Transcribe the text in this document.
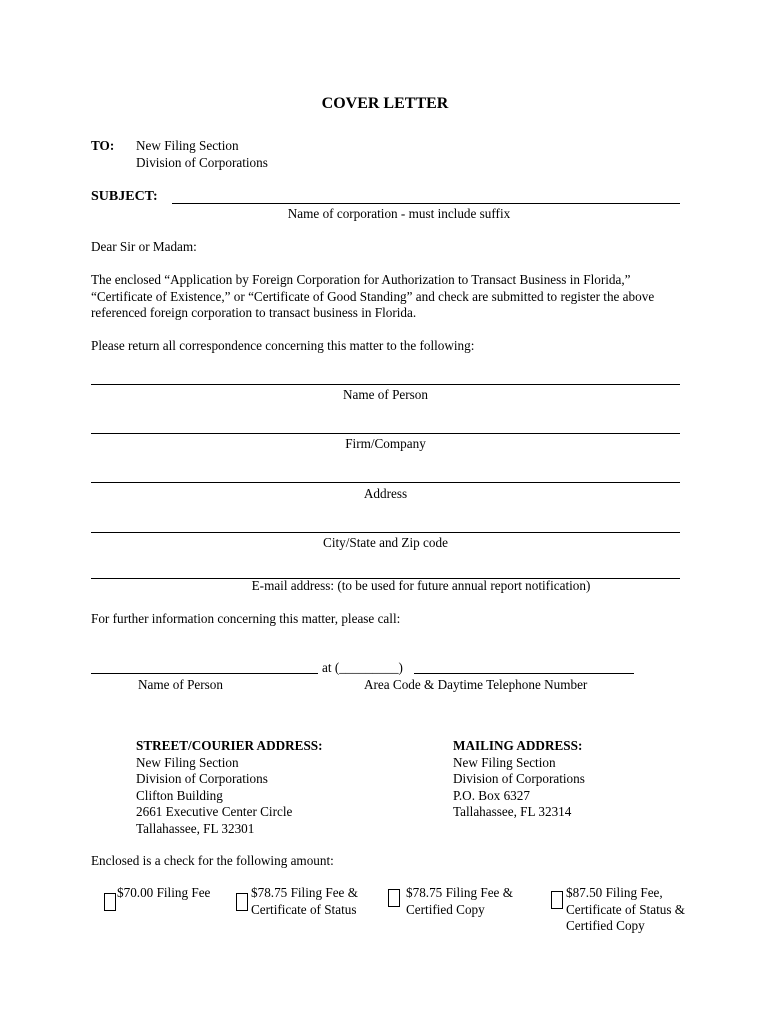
COVER LETTER
TO: New Filing Section
Division of Corporations
SUBJECT:
Name of corporation - must include suffix
Dear Sir or Madam:
The enclosed “Application by Foreign Corporation for Authorization to Transact Business in Florida,” “Certificate of Existence,” or “Certificate of Good Standing” and check are submitted to register the above referenced foreign corporation to transact business in Florida.
Please return all correspondence concerning this matter to the following:
Name of Person
Firm/Company
Address
City/State and Zip code
E-mail address: (to be used for future annual report notification)
For further information concerning this matter, please call:
at (_________)
Name of Person	Area Code & Daytime Telephone Number
STREET/COURIER ADDRESS:
New Filing Section
Division of Corporations
Clifton Building
2661 Executive Center Circle
Tallahassee, FL 32301
MAILING ADDRESS:
New Filing Section
Division of Corporations
P.O. Box 6327
Tallahassee, FL 32314
Enclosed is a check for the following amount:
$70.00 Filing Fee	$78.75 Filing Fee &
Certificate of Status
$78.75 Filing Fee &
Certified Copy
$87.50 Filing Fee,
Certificate of Status &
Certified Copy
